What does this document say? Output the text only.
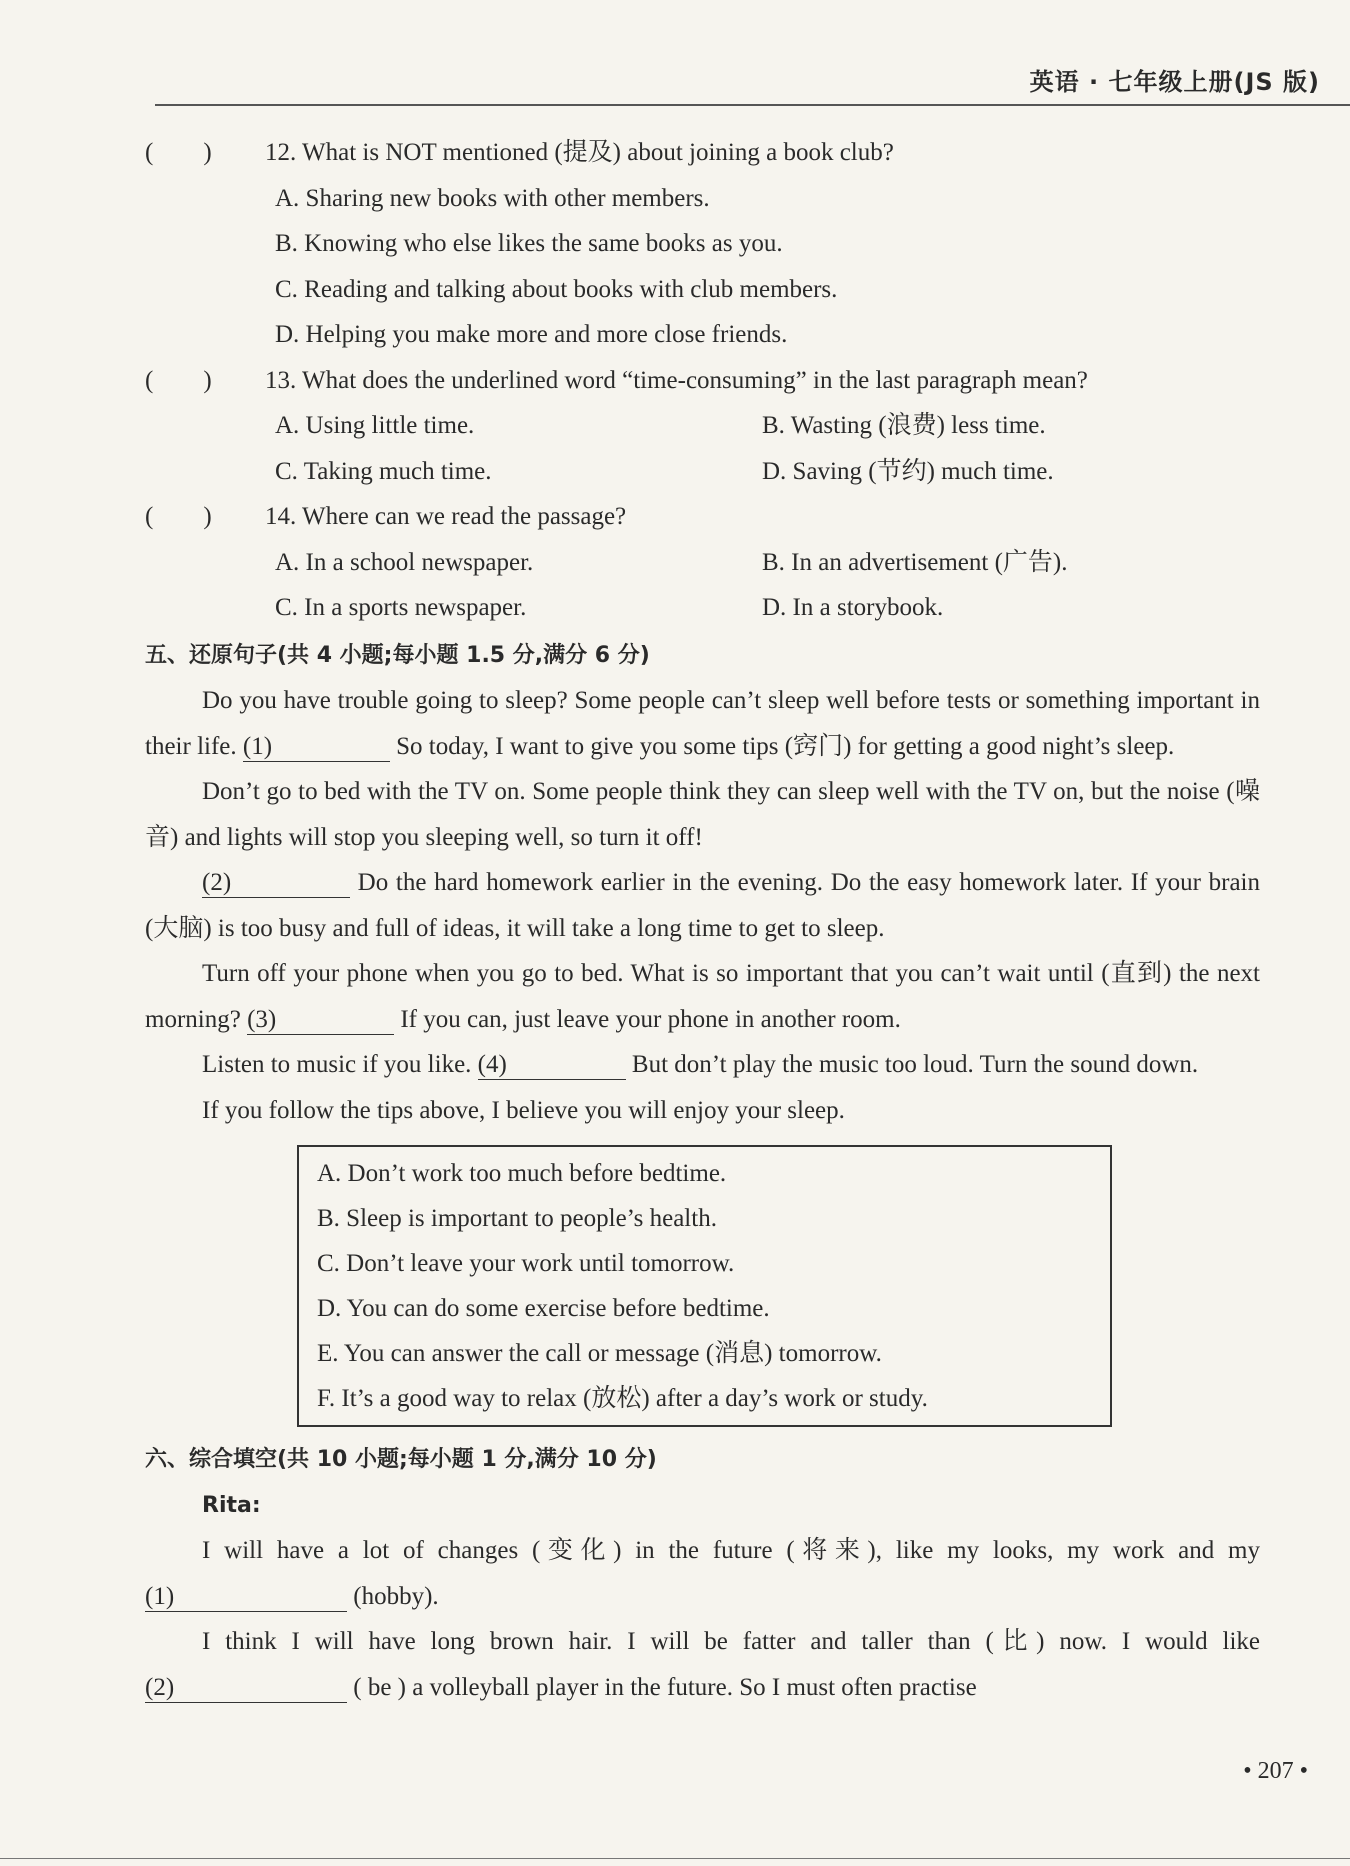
英语 · 七年级上册(JS 版)
(        )	12. What is NOT mentioned (提及) about joining a book club?
A. Sharing new books with other members.
B. Knowing who else likes the same books as you.
C. Reading and talking about books with club members.
D. Helping you make more and more close friends.
(        )	13. What does the underlined word “time-consuming” in the last paragraph mean?
A. Using little time.	B. Wasting (浪费) less time.
C. Taking much time.	D. Saving (节约) much time.
(        )	14. Where can we read the passage?
A. In a school newspaper.	B. In an advertisement (广告).
C. In a sports newspaper.	D. In a storybook.
五、还原句子(共 4 小题;每小题 1.5 分,满分 6 分)
Do you have trouble going to sleep? Some people can’t sleep well before tests or something important in their life. (1)	So today, I want to give you some tips (窍门) for getting a good night’s sleep.
Don’t go to bed with the TV on. Some people think they can sleep well with the TV on, but the noise (噪音) and lights will stop you sleeping well, so turn it off!
(2)	Do the hard homework earlier in the evening. Do the easy homework later. If your brain (大脑) is too busy and full of ideas, it will take a long time to get to sleep.
Turn off your phone when you go to bed. What is so important that you can’t wait until (直到) the next morning? (3)	If you can, just leave your phone in another room.
Listen to music if you like. (4)	But don’t play the music too loud. Turn the sound down.
If you follow the tips above, I believe you will enjoy your sleep.
A. Don’t work too much before bedtime.
B. Sleep is important to people’s health.
C. Don’t leave your work until tomorrow.
D. You can do some exercise before bedtime.
E. You can answer the call or message (消息) tomorrow.
F. It’s a good way to relax (放松) after a day’s work or study.
六、综合填空(共 10 小题;每小题 1 分,满分 10 分)
Rita:
I will have a lot of changes (变化) in the future (将来), like my looks, my work and my (1)	(hobby).
I think I will have long brown hair. I will be fatter and taller than (比) now. I would like (2)	( be ) a volleyball player in the future. So I must often practise
• 207 •
